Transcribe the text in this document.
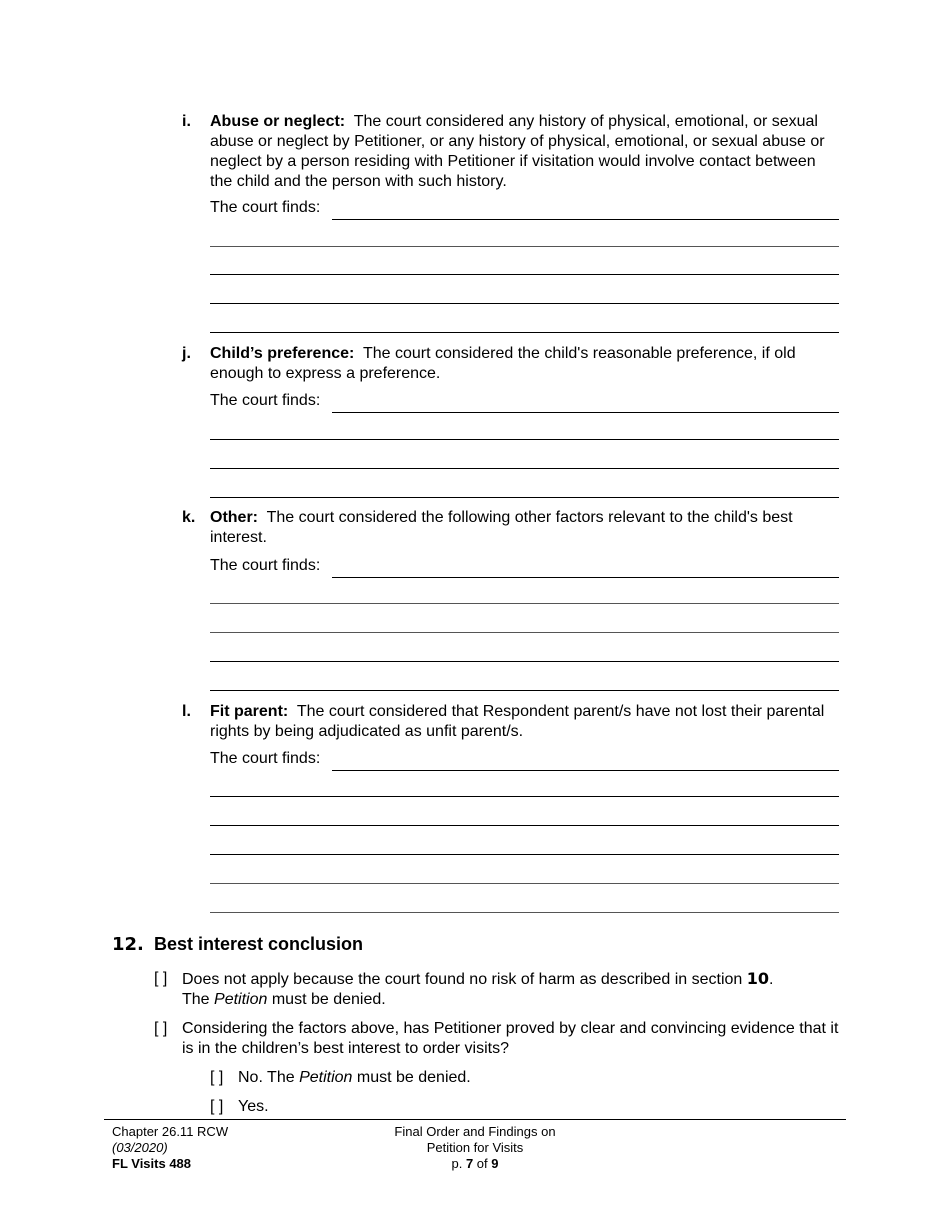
i. Abuse or neglect: The court considered any history of physical, emotional, or sexual abuse or neglect by Petitioner, or any history of physical, emotional, or sexual abuse or neglect by a person residing with Petitioner if visitation would involve contact between the child and the person with such history.
The court finds:
j. Child’s preference: The court considered the child's reasonable preference, if old enough to express a preference.
The court finds:
k. Other: The court considered the following other factors relevant to the child's best interest.
The court finds:
l. Fit parent: The court considered that Respondent parent/s have not lost their parental rights by being adjudicated as unfit parent/s.
The court finds:
12. Best interest conclusion
[ ] Does not apply because the court found no risk of harm as described in section 10.
The Petition must be denied.
[ ] Considering the factors above, has Petitioner proved by clear and convincing evidence that it is in the children’s best interest to order visits?
[ ] No. The Petition must be denied.
[ ] Yes.
Chapter 26.11 RCW
(03/2020)
FL Visits 488
Final Order and Findings on
Petition for Visits
p. 7 of 9
